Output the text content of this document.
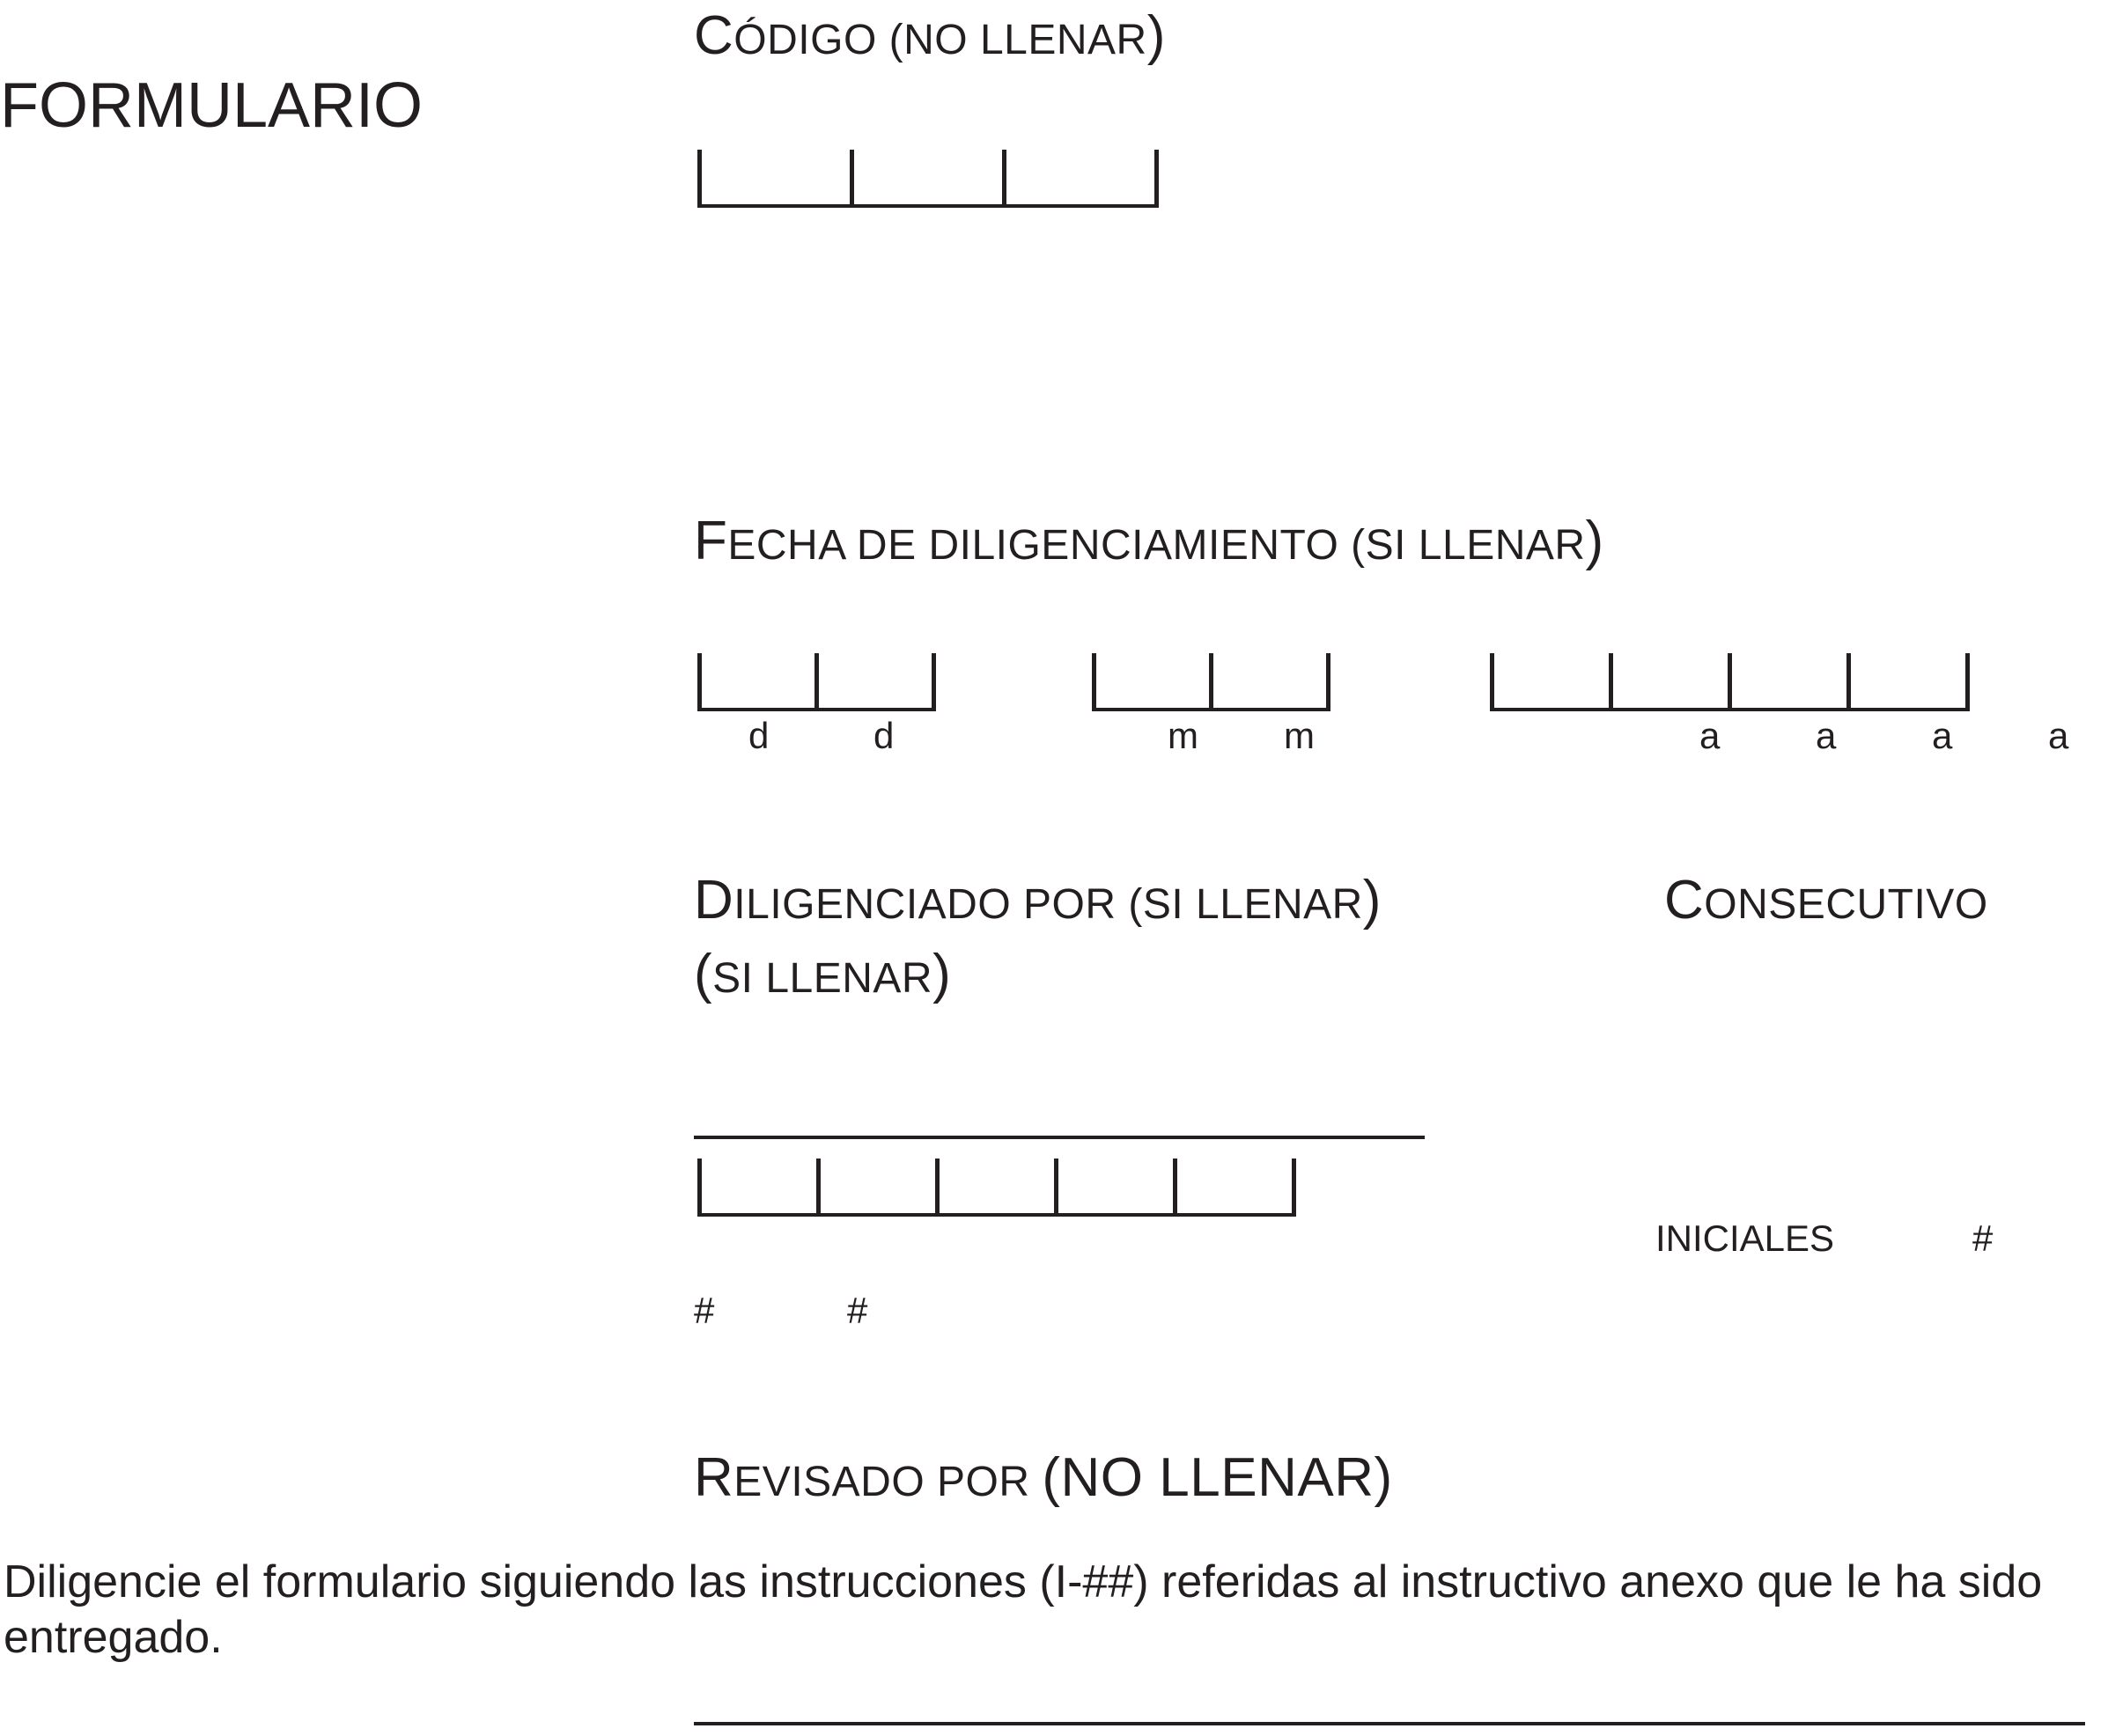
FORMULARIO
CÓDIGO (NO LLENAR)
FECHA DE DILIGENCIAMIENTO (SI LLENAR)
d	d	m m	a	a	a	a
DILIGENCIADO POR (SI LLENAR)
(SI LLENAR)
CONSECUTIVO
INICIALES	#
#	#
REVISADO POR (NO LLENAR)
Diligencie el formulario siguiendo las instrucciones (I-##) referidas al instructivo anexo que le ha sido entregado.
